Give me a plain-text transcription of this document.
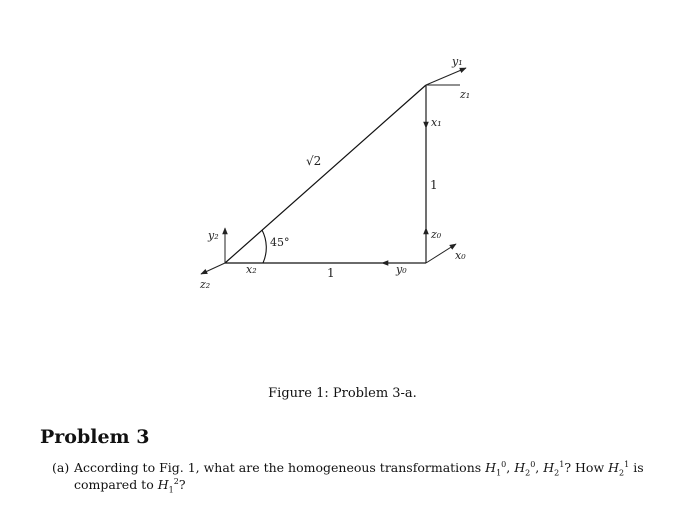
y₁
z₁
x₁
1
z₀
x₀
y₀
√2
45°
y₂
x₂	1
z₂
Figure 1: Problem 3-a.
Problem 3
(a) According to Fig. 1, what are the homogeneous transformations $H_1^0$, $H_2^0$, $H_2^1$? How $H_2^1$ is compared to $H_1^2$?
